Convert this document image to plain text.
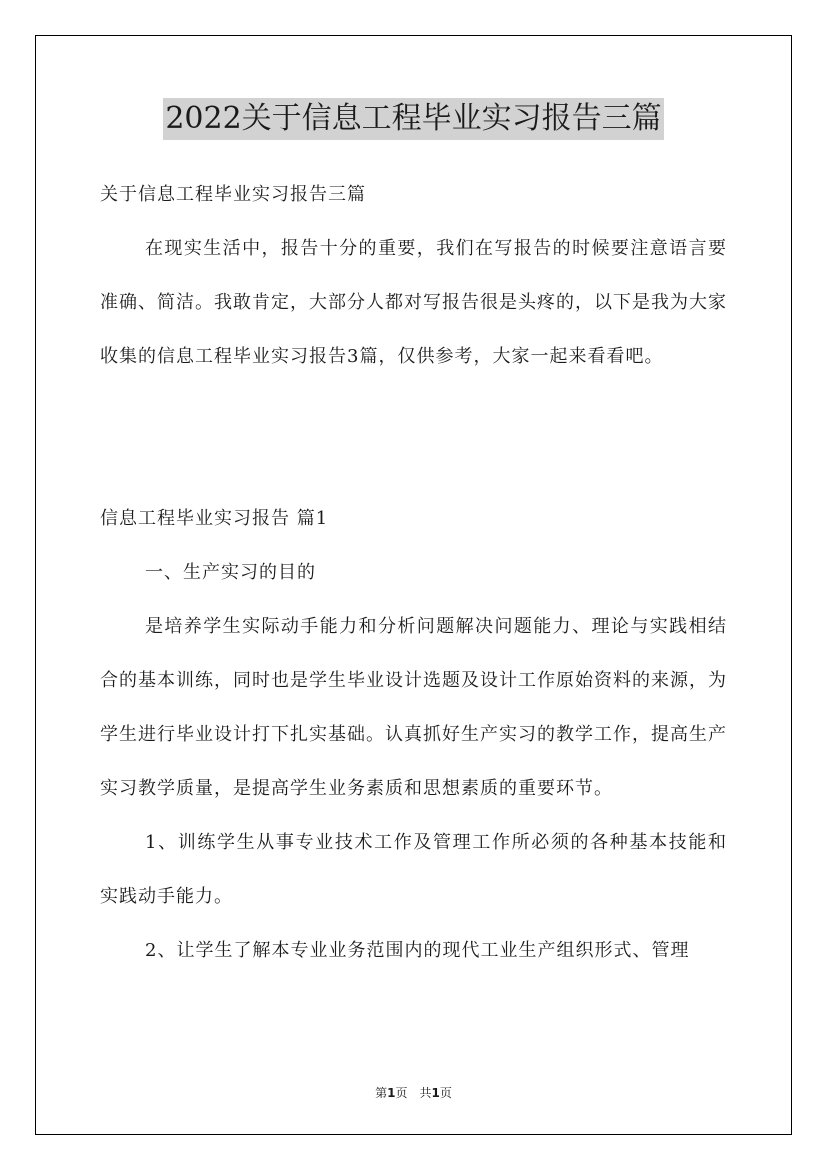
2022关于信息工程毕业实习报告三篇

关于信息工程毕业实习报告三篇

在现实生活中，报告十分的重要，我们在写报告的时候要注意语言要准确、简洁。我敢肯定，大部分人都对写报告很是头疼的，以下是我为大家收集的信息工程毕业实习报告3篇，仅供参考，大家一起来看看吧。

信息工程毕业实习报告 篇1

一、生产实习的目的

是培养学生实际动手能力和分析问题解决问题能力、理论与实践相结合的基本训练，同时也是学生毕业设计选题及设计工作原始资料的来源，为学生进行毕业设计打下扎实基础。认真抓好生产实习的教学工作，提高生产实习教学质量，是提高学生业务素质和思想素质的重要环节。

1、训练学生从事专业技术工作及管理工作所必须的各种基本技能和实践动手能力。

2、让学生了解本专业业务范围内的现代工业生产组织形式、管理

第1页　共1页
